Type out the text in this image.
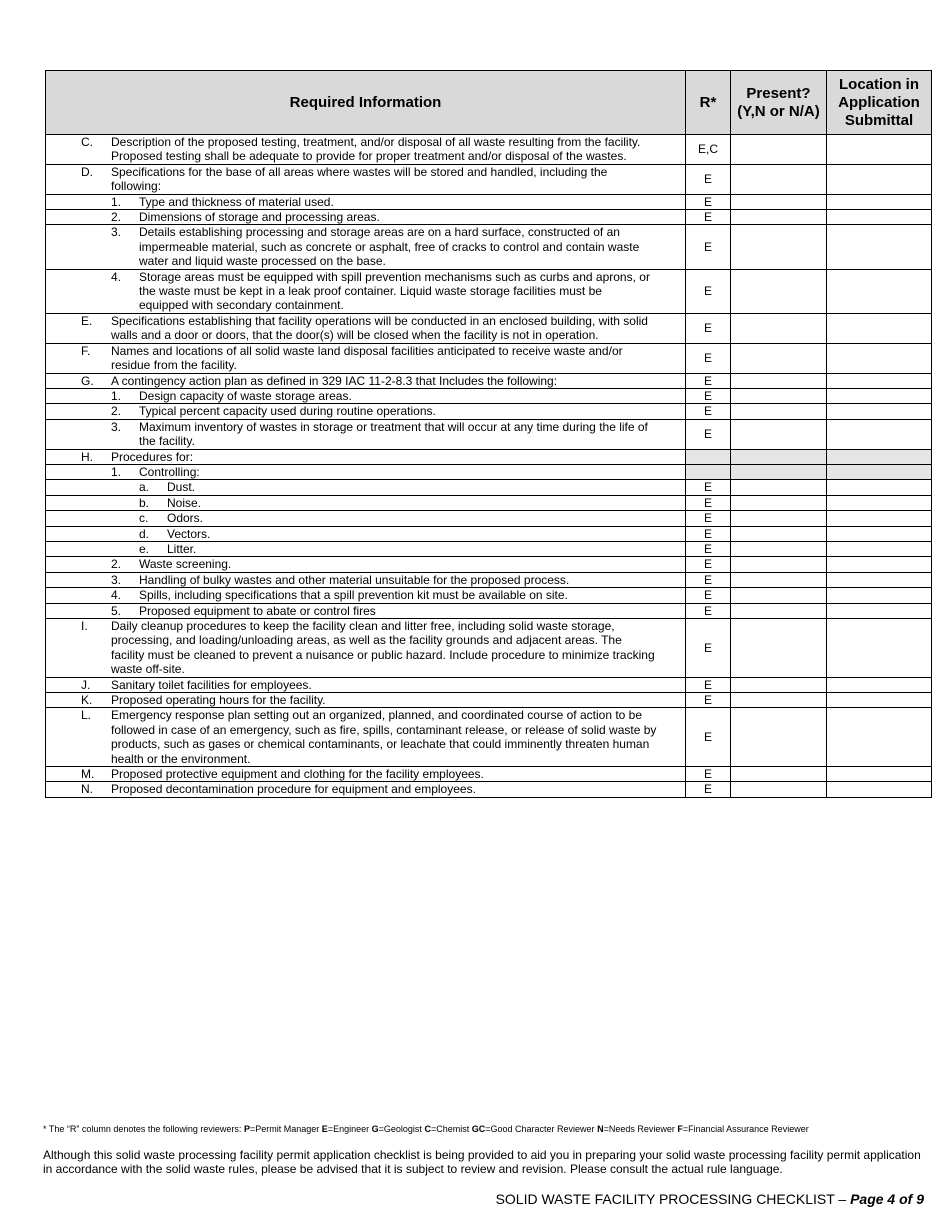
Required Information	R*	Present? (Y,N or N/A)	Location in Application Submittal

C. Description of the proposed testing, treatment, and/or disposal of all waste resulting from the facility.
Proposed testing shall be adequate to provide for proper treatment and/or disposal of the wastes.	E,C		

D. Specifications for the base of all areas where wastes will be stored and handled, including the
following:	E		

1. Type and thickness of material used.	E		

2. Dimensions of storage and processing areas.	E		

3. Details establishing processing and storage areas are on a hard surface, constructed of an
impermeable material, such as concrete or asphalt, free of cracks to control and contain waste
water and liquid waste processed on the base.	E		

4. Storage areas must be equipped with spill prevention mechanisms such as curbs and aprons, or
the waste must be kept in a leak proof container. Liquid waste storage facilities must be
equipped with secondary containment.	E		

E. Specifications establishing that facility operations will be conducted in an enclosed building, with solid
walls and a door or doors, that the door(s) will be closed when the facility is not in operation.	E		

F. Names and locations of all solid waste land disposal facilities anticipated to receive waste and/or
residue from the facility.	E		

G. A contingency action plan as defined in 329 IAC 11-2-8.3 that Includes the following:	E		

1. Design capacity of waste storage areas.	E		

2. Typical percent capacity used during routine operations.	E		

3. Maximum inventory of wastes in storage or treatment that will occur at any time during the life of
the facility.	E		

H. Procedures for:			

1. Controlling:			

a. Dust.	E		

b. Noise.	E		

c. Odors.	E		

d. Vectors.	E		

e. Litter.	E		

2. Waste screening.	E		

3. Handling of bulky wastes and other material unsuitable for the proposed process.	E		

4. Spills, including specifications that a spill prevention kit must be available on site.	E		

5. Proposed equipment to abate or control fires	E		

I. Daily cleanup procedures to keep the facility clean and litter free, including solid waste storage,
processing, and loading/unloading areas, as well as the facility grounds and adjacent areas. The
facility must be cleaned to prevent a nuisance or public hazard. Include procedure to minimize tracking
waste off-site.	E		

J. Sanitary toilet facilities for employees.	E		

K. Proposed operating hours for the facility.	E		

L. Emergency response plan setting out an organized, planned, and coordinated course of action to be
followed in case of an emergency, such as fire, spills, contaminant release, or release of solid waste by
products, such as gases or chemical contaminants, or leachate that could imminently threaten human
health or the environment.	E		

M. Proposed protective equipment and clothing for the facility employees.	E		

N. Proposed decontamination procedure for equipment and employees.	E		
* The “R” column denotes the following reviewers: P=Permit Manager E=Engineer G=Geologist C=Chemist GC=Good Character Reviewer N=Needs Reviewer F=Financial Assurance Reviewer
Although this solid waste processing facility permit application checklist is being provided to aid you in preparing your solid waste processing facility permit application in accordance with the solid waste rules, please be advised that it is subject to review and revision. Please consult the actual rule language.
SOLID WASTE FACILITY PROCESSING CHECKLIST – Page 4 of 9
